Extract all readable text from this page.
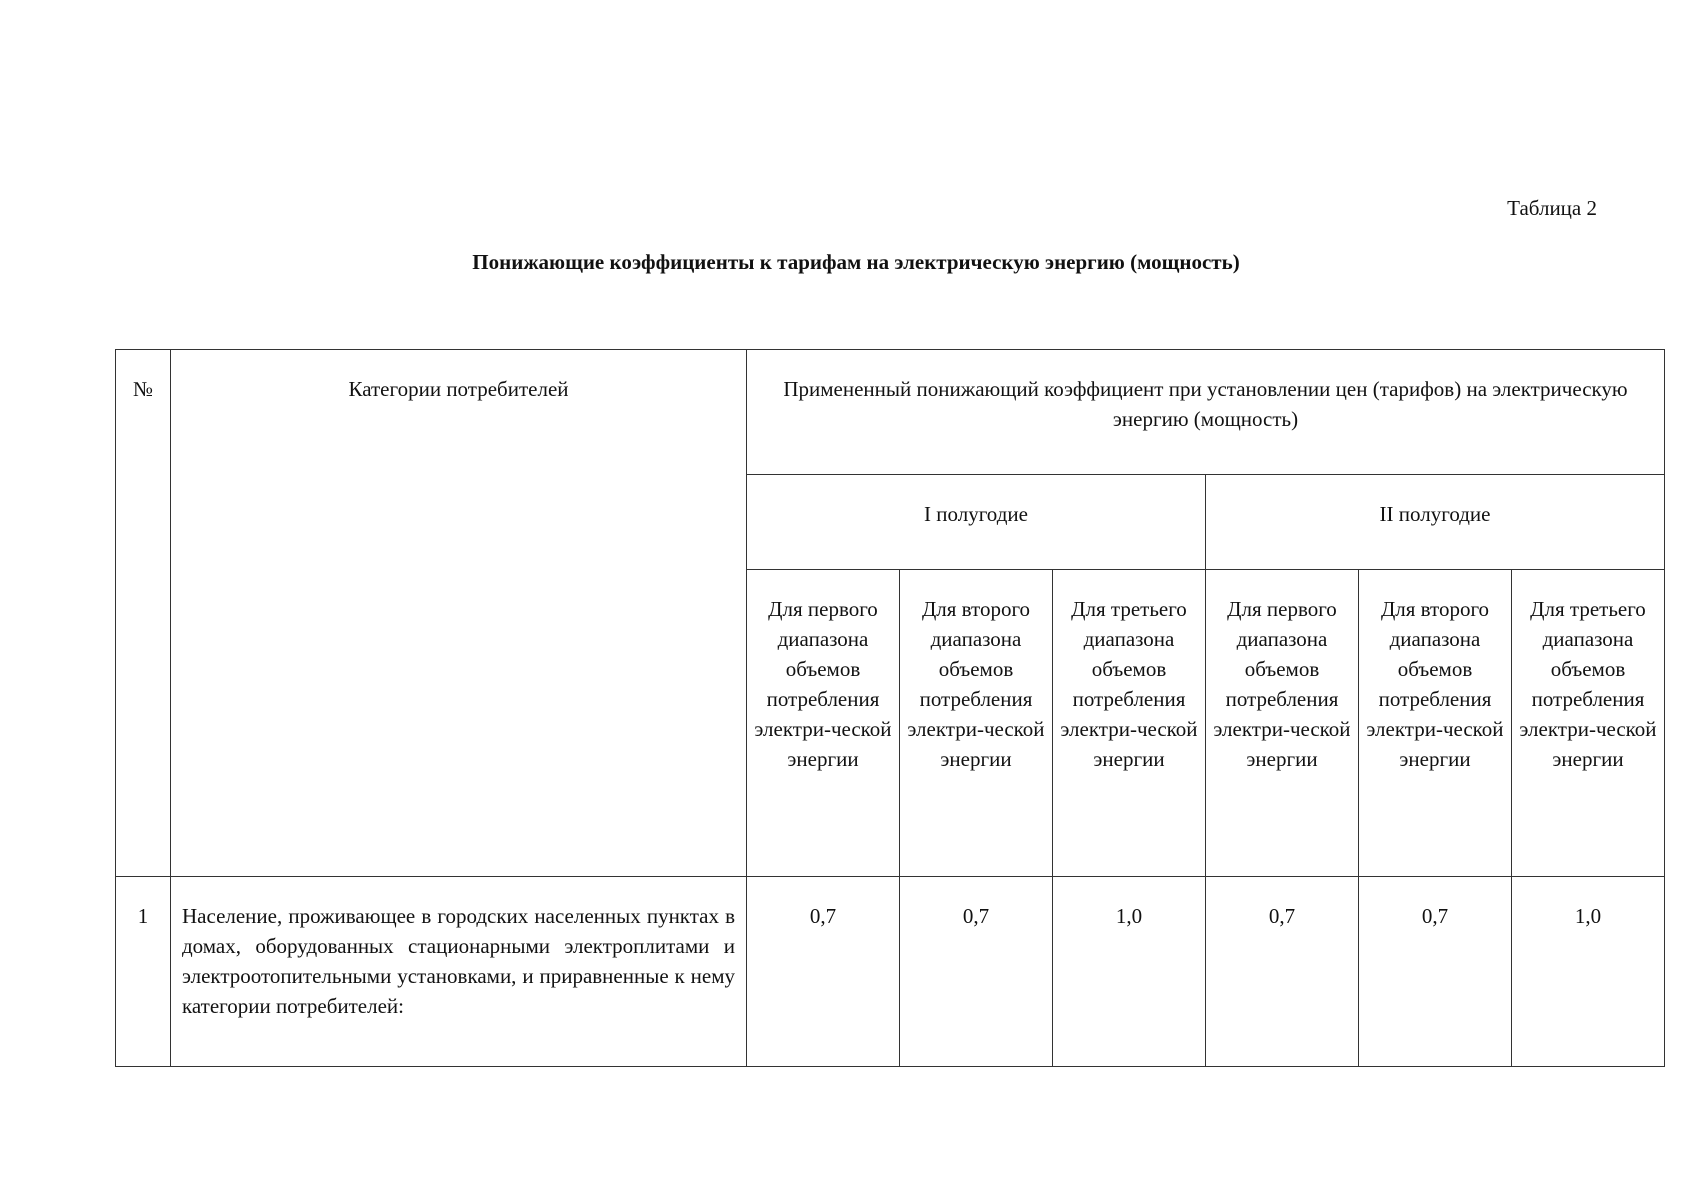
Таблица 2
Понижающие коэффициенты к тарифам на электрическую энергию (мощность)
№	Категории потребителей	Примененный понижающий коэффициент при установлении цен (тарифов) на электрическую энергию (мощность)					

		I полугодие			II полугодие		
		Для первого диапазона объемов потребления электри-ческой энергии	Для второго диапазона объемов потребления электри-ческой энергии	Для третьего диапазона объемов потребления электри-ческой энергии	Для первого диапазона объемов потребления электри-ческой энергии	Для второго диапазона объемов потребления электри-ческой энергии	Для третьего диапазона объемов потребления электри-ческой энергии
1	Население, проживающее в городских населенных пунктах в домах, оборудованных стационарными электроплитами и электроотопительными установками, и приравненные к нему категории потребителей:	0,7	0,7	1,0	0,7	0,7	1,0
